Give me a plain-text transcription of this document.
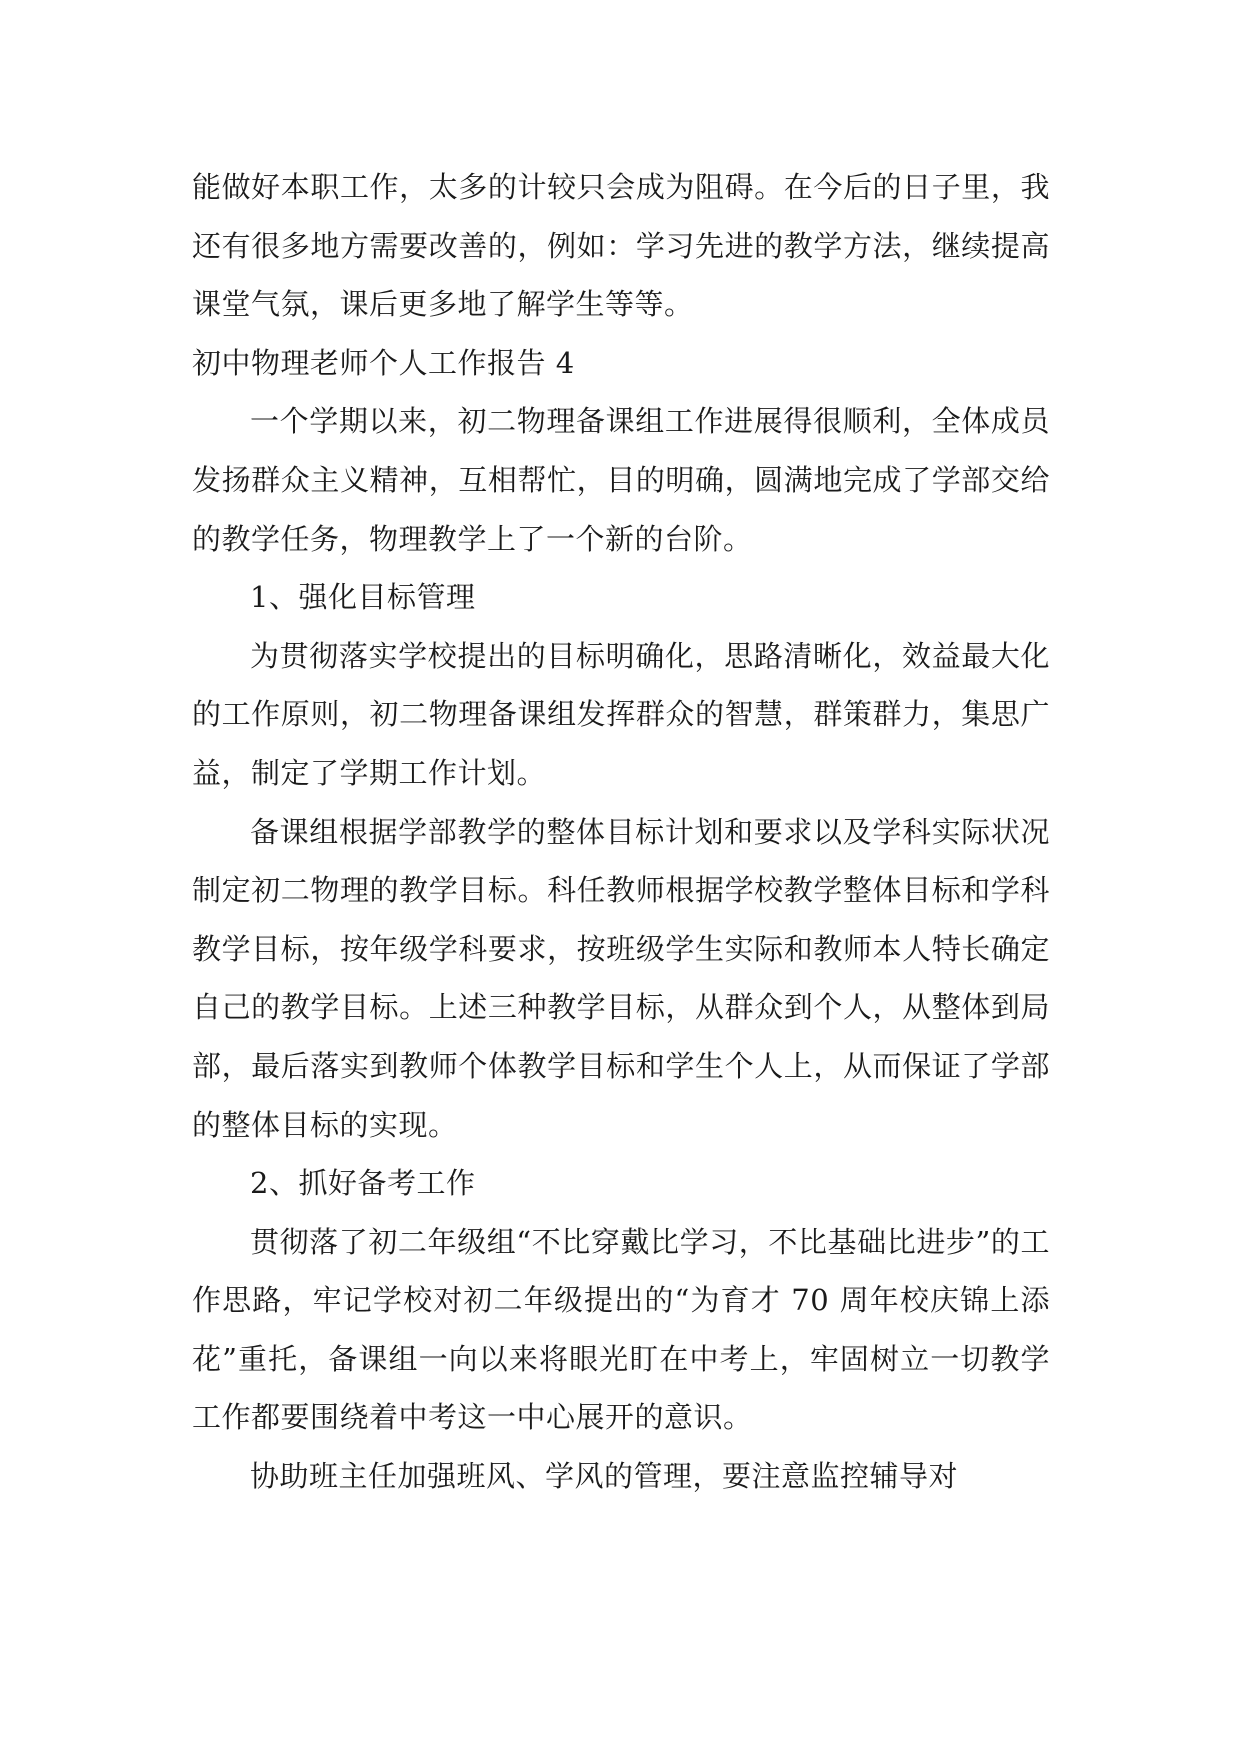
能做好本职工作，太多的计较只会成为阻碍。在今后的日子里，我还有很多地方需要改善的，例如：学习先进的教学方法，继续提高课堂气氛，课后更多地了解学生等等。

初中物理老师个人工作报告 4

一个学期以来，初二物理备课组工作进展得很顺利，全体成员发扬群众主义精神，互相帮忙，目的明确，圆满地完成了学部交给的教学任务，物理教学上了一个新的台阶。

1、强化目标管理

为贯彻落实学校提出的目标明确化，思路清晰化，效益最大化的工作原则，初二物理备课组发挥群众的智慧，群策群力，集思广益，制定了学期工作计划。

备课组根据学部教学的整体目标计划和要求以及学科实际状况制定初二物理的教学目标。科任教师根据学校教学整体目标和学科教学目标，按年级学科要求，按班级学生实际和教师本人特长确定自己的教学目标。上述三种教学目标，从群众到个人，从整体到局部，最后落实到教师个体教学目标和学生个人上，从而保证了学部的整体目标的实现。

2、抓好备考工作

贯彻落了初二年级组“不比穿戴比学习，不比基础比进步”的工作思路，牢记学校对初二年级提出的“为育才 70 周年校庆锦上添花”重托，备课组一向以来将眼光盯在中考上，牢固树立一切教学工作都要围绕着中考这一中心展开的意识。

协助班主任加强班风、学风的管理，要注意监控辅导对
